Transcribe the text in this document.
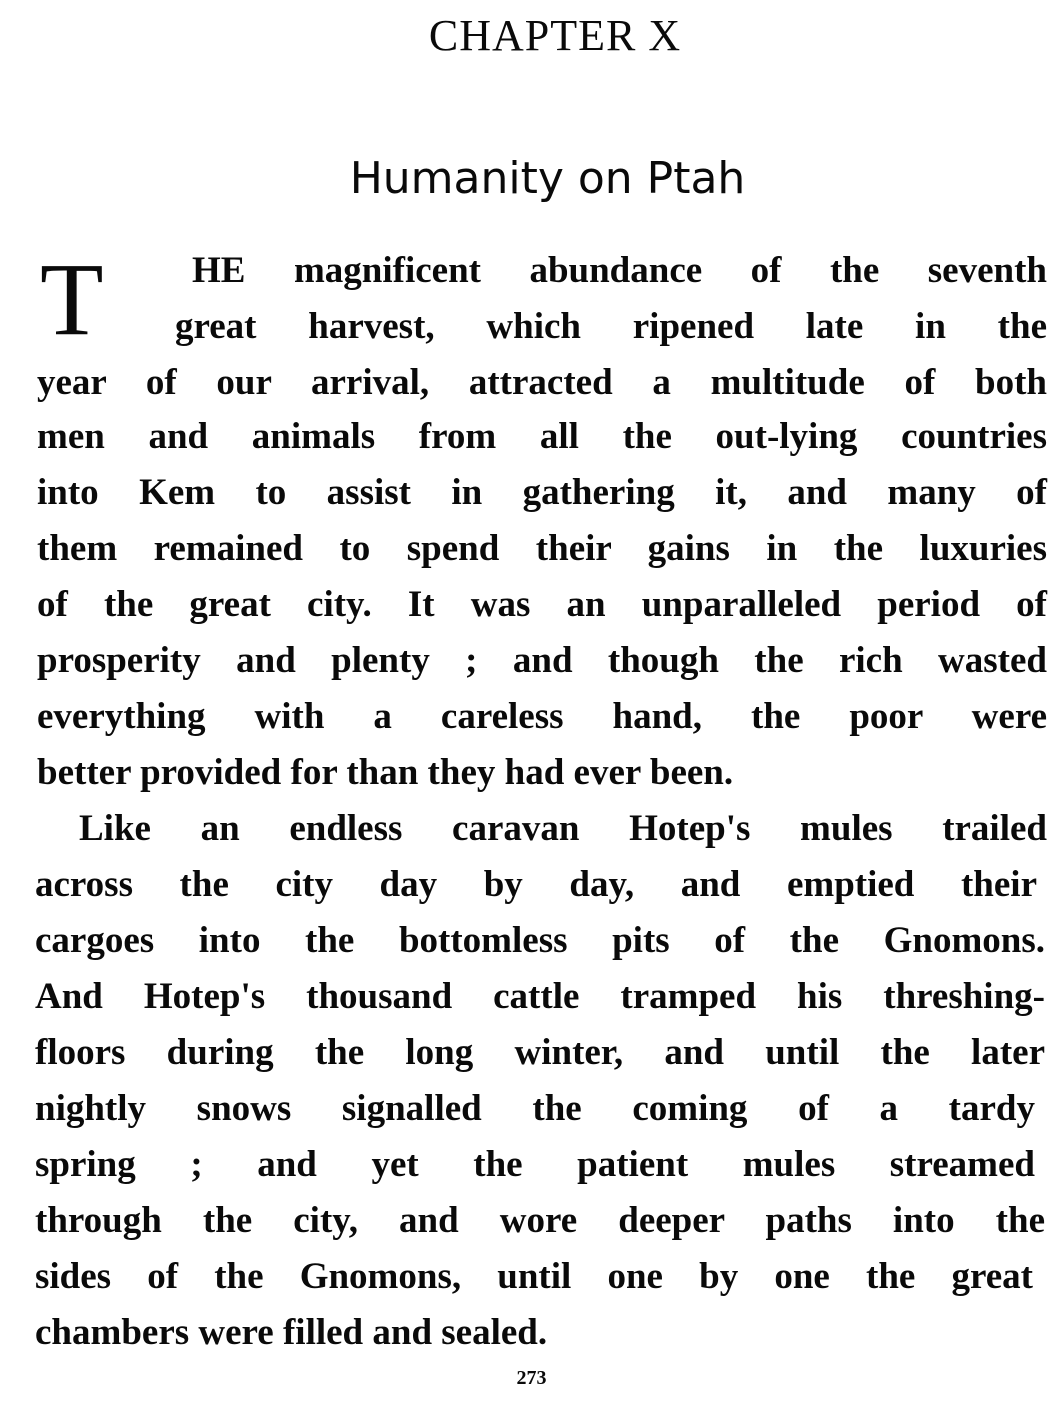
CHAPTER X
Humanity on Ptah
T HE magnificent abundance of the seventh
great harvest, which ripened late in the
year of our arrival, attracted a multitude of both
men and animals from all the out-lying countries
into Kem to assist in gathering it, and many of
them remained to spend their gains in the luxuries
of the great city. It was an unparalleled period of
prosperity and plenty ; and though the rich wasted
everything with a careless hand, the poor were
better provided for than they had ever been.
Like an endless caravan Hotep's mules trailed
across the city day by day, and emptied their
cargoes into the bottomless pits of the Gnomons.
And Hotep's thousand cattle tramped his threshing-
floors during the long winter, and until the later
nightly snows signalled the coming of a tardy
spring ; and yet the patient mules streamed
through the city, and wore deeper paths into the
sides of the Gnomons, until one by one the great
chambers were filled and sealed.
273
